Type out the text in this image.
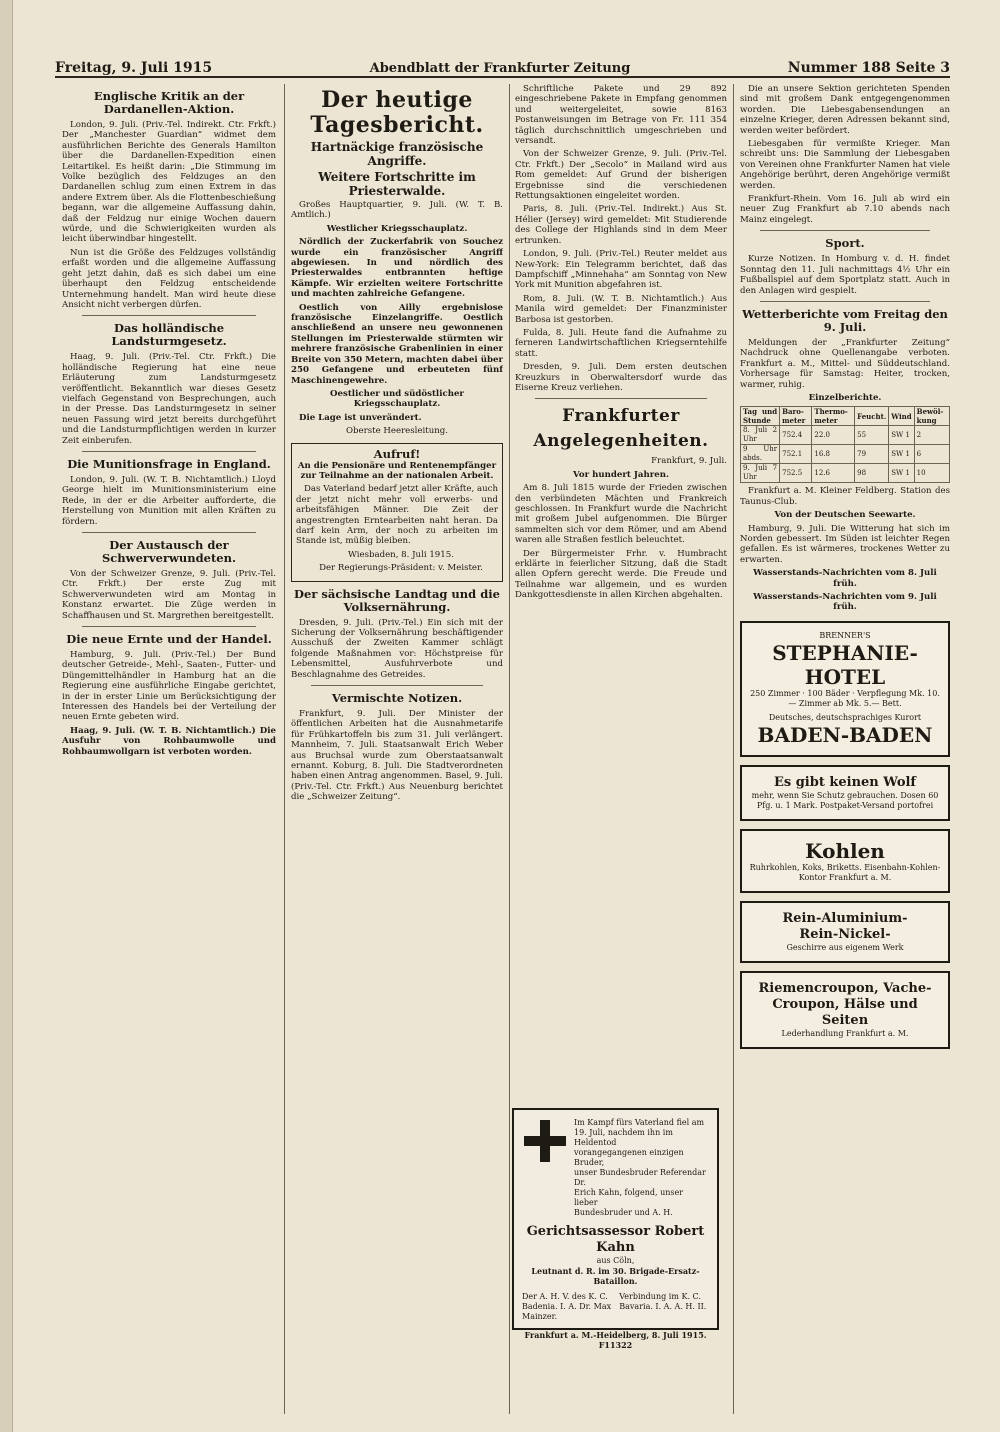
Freitag, 9. Juli 1915	Abendblatt der Frankfurter Zeitung	Nummer 188 Seite 3
Englische Kritik an der Dardanellen-Aktion.

London, 9. Juli. (Priv.-Tel. Indirekt. Ctr. Frkft.) Der „Manchester Guardian“ widmet dem ausführlichen Berichte des Generals Hamilton über die Dardanellen-Expedition einen Leitartikel. Es heißt darin: „Die Stimmung im Volke bezüglich des Feldzuges an den Dardanellen schlug zum einen Extrem in das andere Extrem über. Als die Flottenbeschießung begann, war die allgemeine Auffassung dahin, daß der Feldzug nur einige Wochen dauern würde, und die Schwierigkeiten wurden als leicht überwindbar hingestellt.

Nun ist die Größe des Feldzuges vollständig erfaßt worden und die allgemeine Auffassung geht jetzt dahin, daß es sich dabei um eine überhaupt den Feldzug entscheidende Unternehmung handelt. Man wird heute diese Ansicht nicht verbergen dürfen.

Das holländische Landsturmgesetz.

Haag, 9. Juli. (Priv.-Tel. Ctr. Frkft.) Die holländische Regierung hat eine neue Erläuterung zum Landsturmgesetz veröffentlicht. Bekanntlich war dieses Gesetz vielfach Gegenstand von Besprechungen, auch in der Presse. Das Landsturmgesetz in seiner neuen Fassung wird jetzt bereits durchgeführt und die Landsturmpflichtigen werden in kurzer Zeit einberufen.

Die Munitionsfrage in England.

London, 9. Juli. (W. T. B. Nichtamtlich.) Lloyd George hielt im Munitionsministerium eine Rede, in der er die Arbeiter aufforderte, die Herstellung von Munition mit allen Kräften zu fördern.

Der Austausch der Schwerverwundeten.

Von der Schweizer Grenze, 9. Juli. (Priv.-Tel. Ctr. Frkft.) Der erste Zug mit Schwerverwundeten wird am Montag in Konstanz erwartet. Die Züge werden in Schaffhausen und St. Margrethen bereitgestellt.

Die neue Ernte und der Handel.

Hamburg, 9. Juli. (Priv.-Tel.) Der Bund deutscher Getreide-, Mehl-, Saaten-, Futter- und Düngemittelhändler in Hamburg hat an die Regierung eine ausführliche Eingabe gerichtet, in der in erster Linie um Berücksichtigung der Interessen des Handels bei der Verteilung der neuen Ernte gebeten wird.

Haag, 9. Juli. (W. T. B. Nichtamtlich.) Die Ausfuhr von Rohbaumwolle und Rohbaumwollgarn ist verboten worden.

Der heutige Tagesbericht.
Hartnäckige französische Angriffe.
Weitere Fortschritte im Priesterwalde.

Großes Hauptquartier, 9. Juli. (W. T. B. Amtlich.)

Westlicher Kriegsschauplatz.

Nördlich der Zuckerfabrik von Souchez wurde ein französischer Angriff abgewiesen. In und nördlich des Priesterwaldes entbrannten heftige Kämpfe. Wir erzielten weitere Fortschritte und machten zahlreiche Gefangene.

Oestlich von Ailly ergebnislose französische Einzelangriffe. Oestlich anschließend an unsere neu gewonnenen Stellungen im Priesterwalde stürmten wir mehrere französische Grabenlinien in einer Breite von 350 Metern, machten dabei über 250 Gefangene und erbeuteten fünf Maschinengewehre.

Oestlicher und südöstlicher Kriegsschauplatz.

Die Lage ist unverändert.

Oberste Heeresleitung.

Aufruf!

An die Pensionäre und Rentenempfänger zur Teilnahme an der nationalen Arbeit.

Das Vaterland bedarf jetzt aller Kräfte, auch der jetzt nicht mehr voll erwerbs- und arbeitsfähigen Männer. Die Zeit der angestrengten Erntearbeiten naht heran. Da darf kein Arm, der noch zu arbeiten im Stande ist, müßig bleiben.

Wiesbaden, 8. Juli 1915.

Der Regierungs-Präsident: v. Meister.

Der sächsische Landtag und die Volksernährung.

Dresden, 9. Juli. (Priv.-Tel.) Ein sich mit der Sicherung der Volksernährung beschäftigender Ausschuß der Zweiten Kammer schlägt folgende Maßnahmen vor: Höchstpreise für Lebensmittel, Ausfuhrverbote und Beschlagnahme des Getreides.

Vermischte Notizen.

Frankfurt, 9. Juli. Der Minister der öffentlichen Arbeiten hat die Ausnahmetarife für Frühkartoffeln bis zum 31. Juli verlängert. Mannheim, 7. Juli. Staatsanwalt Erich Weber aus Bruchsal wurde zum Oberstaatsanwalt ernannt. Koburg, 8. Juli. Die Stadtverordneten haben einen Antrag angenommen. Basel, 9. Juli. (Priv.-Tel. Ctr. Frkft.) Aus Neuenburg berichtet die „Schweizer Zeitung“.

Schriftliche Pakete und 29 892 eingeschriebene Pakete in Empfang genommen und weitergeleitet, sowie 8163 Postanweisungen im Betrage von Fr. 111 354 täglich durchschnittlich umgeschrieben und versandt.

Von der Schweizer Grenze, 9. Juli. (Priv.-Tel. Ctr. Frkft.) Der „Secolo“ in Mailand wird aus Rom gemeldet: Auf Grund der bisherigen Ergebnisse sind die verschiedenen Rettungsaktionen eingeleitet worden.

Paris, 8. Juli. (Priv.-Tel. Indirekt.) Aus St. Hélier (Jersey) wird gemeldet: Mit Studierende des College der Highlands sind in dem Meer ertrunken.

London, 9. Juli. (Priv.-Tel.) Reuter meldet aus New-York: Ein Telegramm berichtet, daß das Dampfschiff „Minnehaha“ am Sonntag von New York mit Munition abgefahren ist.

Rom, 8. Juli. (W. T. B. Nichtamtlich.) Aus Manila wird gemeldet: Der Finanzminister Barbosa ist gestorben.

Fulda, 8. Juli. Heute fand die Aufnahme zu ferneren Landwirtschaftlichen Kriegserntehilfe statt.

Dresden, 9. Juli. Dem ersten deutschen Kreuzkurs in Oberwaltersdorf wurde das Eiserne Kreuz verliehen.

Frankfurter Angelegenheiten.

Frankfurt, 9. Juli.

Vor hundert Jahren.

Am 8. Juli 1815 wurde der Frieden zwischen den verbündeten Mächten und Frankreich geschlossen. In Frankfurt wurde die Nachricht mit großem Jubel aufgenommen. Die Bürger sammelten sich vor dem Römer, und am Abend waren alle Straßen festlich beleuchtet.

Der Bürgermeister Frhr. v. Humbracht erklärte in feierlicher Sitzung, daß die Stadt allen Opfern gerecht werde. Die Freude und Teilnahme war allgemein, und es wurden Dankgottesdienste in allen Kirchen abgehalten.

Im Kampf fürs Vaterland fiel am
19. Juli, nachdem ihn im Heldentod
vorangegangenen einzigen Bruder,
unser Bundesbruder Referendar Dr.
Erich Kahn, folgend, unser lieber
Bundesbruder und A. H.
Gerichtsassessor Robert Kahn
aus Cöln,
Leutnant d. R. im 30. Brigade-Ersatz-Bataillon.
Der A. H. V. des K. C. Badenia. I. A. Dr. Max Mainzer.
Verbindung im K. C. Bavaria. I. A. A. H. II.
Frankfurt a. M.-Heidelberg, 8. Juli 1915. F11322

Die an unsere Sektion gerichteten Spenden sind mit großem Dank entgegengenommen worden. Die Liebesgabensendungen an einzelne Krieger, deren Adressen bekannt sind, werden weiter befördert.

Liebesgaben für vermißte Krieger. Man schreibt uns: Die Sammlung der Liebesgaben von Vereinen ohne Frankfurter Namen hat viele Angehörige berührt, deren Angehörige vermißt werden.

Frankfurt-Rhein. Vom 16. Juli ab wird ein neuer Zug Frankfurt ab 7.10 abends nach Mainz eingelegt.

Sport.

Kurze Notizen. In Homburg v. d. H. findet Sonntag den 11. Juli nachmittags 4½ Uhr ein Fußballspiel auf dem Sportplatz statt. Auch in den Anlagen wird gespielt.

Wetterberichte vom Freitag den 9. Juli.

Meldungen der „Frankfurter Zeitung“ Nachdruck ohne Quellenangabe verboten. Frankfurt a. M., Mittel- und Süddeutschland. Vorhersage für Samstag: Heiter, trocken, warmer, ruhig.

Einzelberichte.

Tag und Stunde	Baro-meter	Thermo-meter	Feucht.	Wind	Bewöl-kung
8. Juli 2 Uhr	752.4	22.0	55	SW 1	2
9 Uhr abds.	752.1	16.8	79	SW 1	6
9. Juli 7 Uhr	752.5	12.6	98	SW 1	10

Frankfurt a. M. Kleiner Feldberg. Station des Taunus-Club.

Von der Deutschen Seewarte.

Hamburg, 9. Juli. Die Witterung hat sich im Norden gebessert. Im Süden ist leichter Regen gefallen. Es ist wärmeres, trockenes Wetter zu erwarten.

Wasserstands-Nachrichten vom 8. Juli früh.

Wasserstands-Nachrichten vom 9. Juli früh.

BRENNER'S
STEPHANIE-HOTEL
250 Zimmer · 100 Bäder · Verpflegung Mk. 10.— Zimmer ab Mk. 5.— Bett.
Deutsches, deutschsprachiges Kurort
BADEN-BADEN
Es gibt keinen Wolf
mehr, wenn Sie Schutz gebrauchen. Dosen 60 Pfg. u. 1 Mark. Postpaket-Versand portofrei
Kohlen
Ruhrkohlen, Koks, Briketts. Eisenbahn-Kohlen-Kontor Frankfurt a. M.
Rein-Aluminium-
Rein-Nickel-
Geschirre aus eigenem Werk
Riemencroupon, Vache-Croupon, Hälse und Seiten
Lederhandlung Frankfurt a. M.
